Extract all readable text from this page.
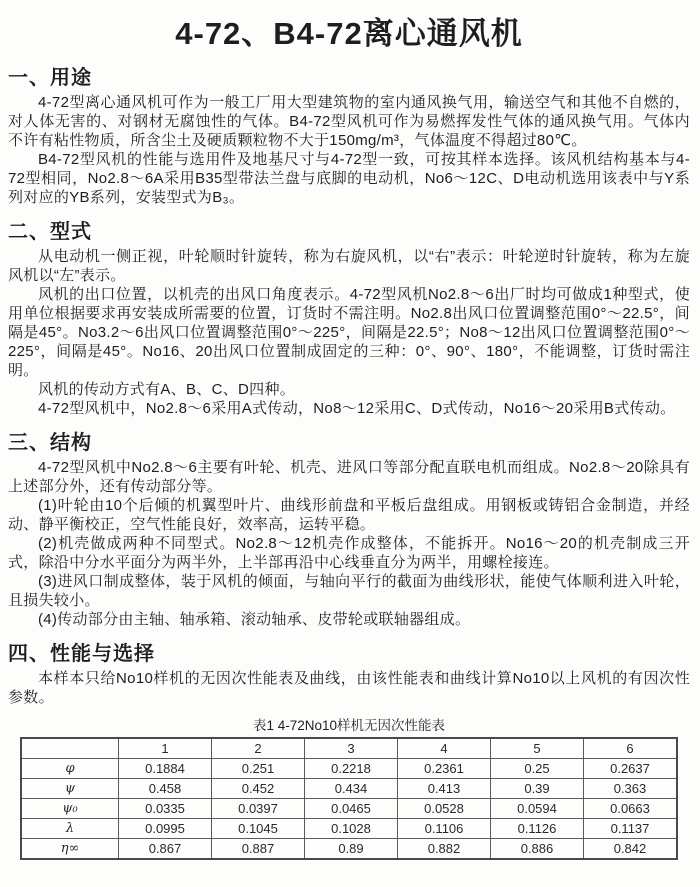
4-72、B4-72离心通风机
一、用途

4-72型离心通风机可作为一般工厂用大型建筑物的室内通风换气用，输送空气和其他不自燃的，对人体无害的、对钢材无腐蚀性的气体。B4-72型风机可作为易燃挥发性气体的通风换气用。气体内不许有粘性物质，所含尘土及硬质颗粒物不大于150mg/m³，气体温度不得超过80℃。

B4-72型风机的性能与选用件及地基尺寸与4-72型一致，可按其样本选择。该风机结构基本与4-72型相同，No2.8～6A采用B35型带法兰盘与底脚的电动机，No6～12C、D电动机选用该表中与Y系列对应的YB系列，安装型式为B₃。

二、型式

从电动机一侧正视，叶轮顺时针旋转，称为右旋风机，以“右”表示：叶轮逆时针旋转，称为左旋风机以“左”表示。

风机的出口位置，以机壳的出风口角度表示。4-72型风机No2.8～6出厂时均可做成1种型式，使用单位根据要求再安装成所需要的位置，订货时不需注明。No2.8出风口位置调整范围0°～22.5°，间隔是45°。No3.2～6出风口位置调整范围0°～225°，间隔是22.5°；No8～12出风口位置调整范围0°～225°，间隔是45°。No16、20出风口位置制成固定的三种：0°、90°、180°，不能调整，订货时需注明。

风机的传动方式有A、B、C、D四种。

4-72型风机中，No2.8～6采用A式传动，No8～12采用C、D式传动，No16～20采用B式传动。

三、结构

4-72型风机中No2.8～6主要有叶轮、机壳、进风口等部分配直联电机而组成。No2.8～20除具有上述部分外，还有传动部分等。

(1)叶轮由10个后倾的机翼型叶片、曲线形前盘和平板后盘组成。用钢板或铸铝合金制造，并经动、静平衡校正，空气性能良好，效率高，运转平稳。

(2)机壳做成两种不同型式。No2.8～12机壳作成整体，不能拆开。No16～20的机壳制成三开式，除沿中分水平面分为两半外，上半部再沿中心线垂直分为两半，用螺栓接连。

(3)进风口制成整体，装于风机的倾面，与轴向平行的截面为曲线形状，能使气体顺利进入叶轮，且损失较小。

(4)传动部分由主轴、轴承箱、滚动轴承、皮带轮或联轴器组成。

四、性能与选择

本样本只给No10样机的无因次性能表及曲线，由该性能表和曲线计算No10以上风机的有因次性参数。

表1 4-72No10样机无因次性能表
	1	2	3	4	5	6
φ	0.1884	0.251	0.2218	0.2361	0.25	0.2637
ψ	0.458	0.452	0.434	0.413	0.39	0.363
ψ₀	0.0335	0.0397	0.0465	0.0528	0.0594	0.0663
λ	0.0995	0.1045	0.1028	0.1106	0.1126	0.1137
η∞	0.867	0.887	0.89	0.882	0.886	0.842
